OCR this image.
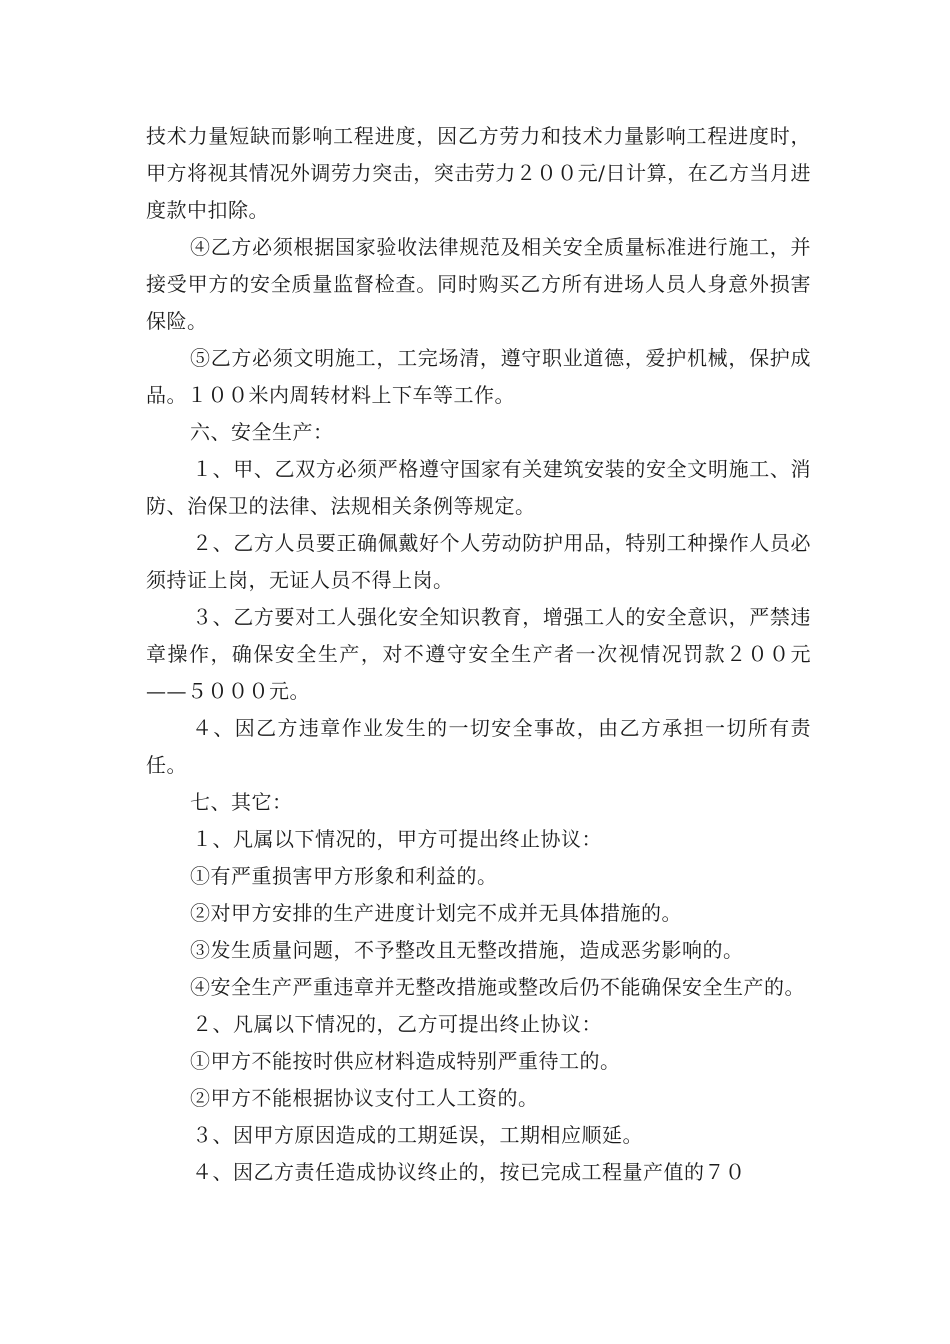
技术力量短缺而影响工程进度，因乙方劳力和技术力量影响工程进度时，甲方将视其情况外调劳力突击，突击劳力２００元/日计算，在乙方当月进度款中扣除。

④乙方必须根据国家验收法律规范及相关安全质量标准进行施工，并接受甲方的安全质量监督检查。同时购买乙方所有进场人员人身意外损害保险。

⑤乙方必须文明施工，工完场清，遵守职业道德，爱护机械，保护成品。１００米内周转材料上下车等工作。

六、安全生产：

１、甲、乙双方必须严格遵守国家有关建筑安装的安全文明施工、消防、治保卫的法律、法规相关条例等规定。

２、乙方人员要正确佩戴好个人劳动防护用品，特别工种操作人员必须持证上岗，无证人员不得上岗。

３、乙方要对工人强化安全知识教育，增强工人的安全意识，严禁违章操作，确保安全生产，对不遵守安全生产者一次视情况罚款２００元——５０００元。

４、因乙方违章作业发生的一切安全事故，由乙方承担一切所有责任。

七、其它：

１、凡属以下情况的，甲方可提出终止协议：

①有严重损害甲方形象和利益的。

②对甲方安排的生产进度计划完不成并无具体措施的。

③发生质量问题，不予整改且无整改措施，造成恶劣影响的。

④安全生产严重违章并无整改措施或整改后仍不能确保安全生产的。

２、凡属以下情况的，乙方可提出终止协议：

①甲方不能按时供应材料造成特别严重待工的。

②甲方不能根据协议支付工人工资的。

３、因甲方原因造成的工期延误，工期相应顺延。

４、因乙方责任造成协议终止的，按已完成工程量产值的７０
